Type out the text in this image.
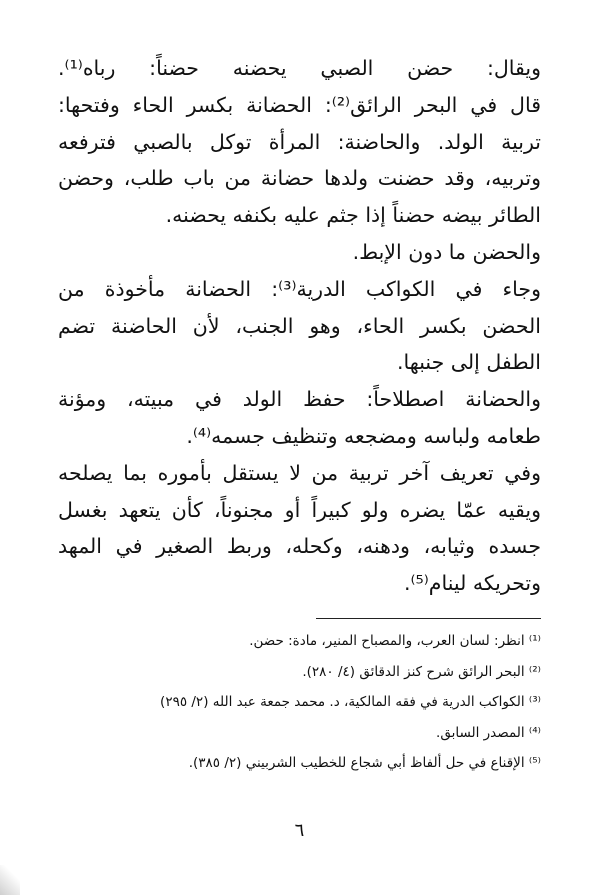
ويقال: حضن الصبي يحضنه حضناً: رباه⁽¹⁾.
قال في البحر الرائق⁽²⁾: الحضانة بكسر الحاء وفتحها:
تربية الولد. والحاضنة: المرأة توكل بالصبي فترفعه
وتربيه، وقد حضنت ولدها حضانة من باب طلب، وحضن
الطائر بيضه حضناً إذا جثم عليه بكنفه يحضنه.
والحضن ما دون الإبط.
وجاء في الكواكب الدرية⁽³⁾: الحضانة مأخوذة من
الحضن بكسر الحاء، وهو الجنب، لأن الحاضنة تضم
الطفل إلى جنبها.
والحضانة اصطلاحاً: حفظ الولد في مبيته، ومؤنة
طعامه ولباسه ومضجعه وتنظيف جسمه⁽⁴⁾.
وفي تعريف آخر تربية من لا يستقل بأموره بما يصلحه
ويقيه عمّا يضره ولو كبيراً أو مجنوناً، كأن يتعهد بغسل
جسده وثيابه، ودهنه، وكحله، وربط الصغير في المهد
وتحريكه لينام⁽⁵⁾.
⁽¹⁾ انظر: لسان العرب، والمصباح المنير، مادة: حضن.
⁽²⁾ البحر الرائق شرح كنز الدقائق (٤/ ٢٨٠).
⁽³⁾ الكواكب الدرية في فقه المالكية، د. محمد جمعة عبد الله (٢/ ٢٩٥)
⁽⁴⁾ المصدر السابق.
⁽⁵⁾ الإقناع في حل ألفاظ أبي شجاع للخطيب الشربيني (٢/ ٣٨٥).
٦
